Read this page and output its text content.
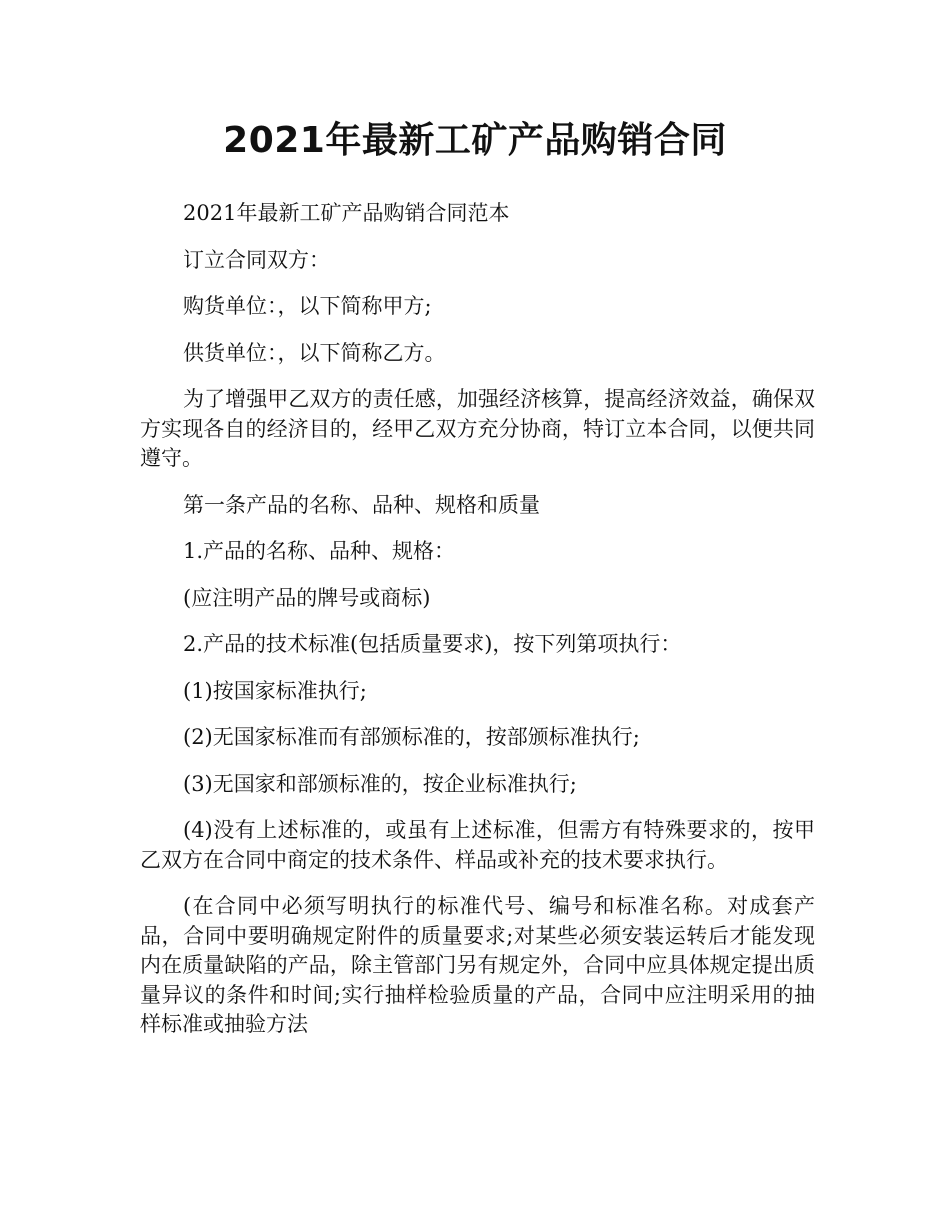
2021年最新工矿产品购销合同

2021年最新工矿产品购销合同范本

订立合同双方：

购货单位：，以下简称甲方;

供货单位：，以下简称乙方。

为了增强甲乙双方的责任感，加强经济核算，提高经济效益，确保双方实现各自的经济目的，经甲乙双方充分协商，特订立本合同，以便共同遵守。

第一条产品的名称、品种、规格和质量

1.产品的名称、品种、规格：

(应注明产品的牌号或商标)

2.产品的技术标准(包括质量要求)，按下列第项执行：

(1)按国家标准执行;

(2)无国家标准而有部颁标准的，按部颁标准执行;

(3)无国家和部颁标准的，按企业标准执行;

(4)没有上述标准的，或虽有上述标准，但需方有特殊要求的，按甲乙双方在合同中商定的技术条件、样品或补充的技术要求执行。

(在合同中必须写明执行的标准代号、编号和标准名称。对成套产品，合同中要明确规定附件的质量要求;对某些必须安装运转后才能发现内在质量缺陷的产品，除主管部门另有规定外，合同中应具体规定提出质量异议的条件和时间;实行抽样检验质量的产品，合同中应注明采用的抽样标准或抽验方法
